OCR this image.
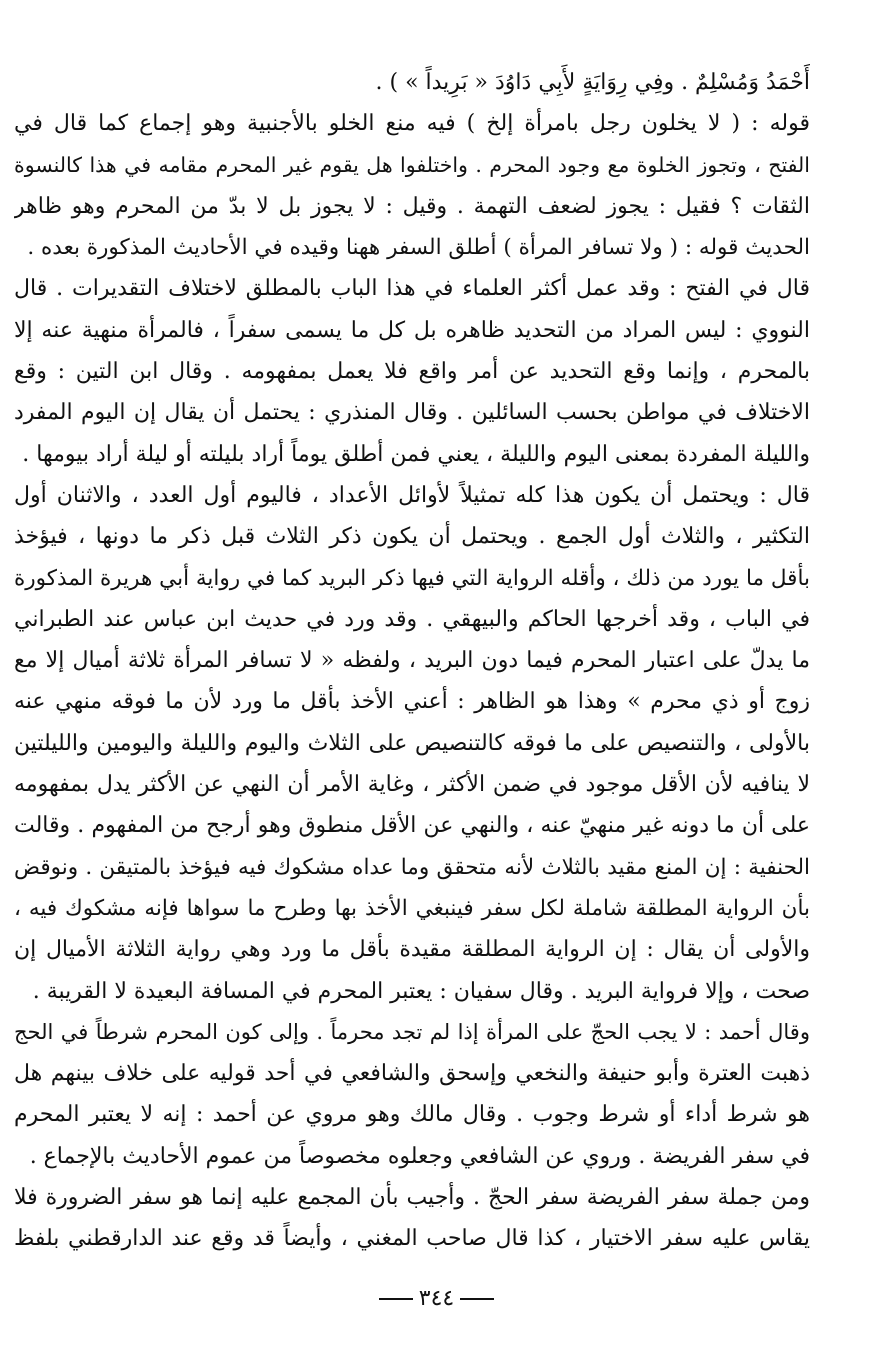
أَحْمَدُ وَمُسْلِمٌ . وفِي رِوَايَةٍ لأَبِي دَاوُدَ « بَرِيداً » ) .
قوله : ( لا يخلون رجل بامرأة إلخ ) فيه منع الخلو بالأجنبية وهو إجماع كما قال في
الفتح ، وتجوز الخلوة مع وجود المحرم . واختلفوا هل يقوم غير المحرم مقامه في هذا كالنسوة
الثقات ؟ فقيل : يجوز لضعف التهمة . وقيل : لا يجوز بل لا بدّ من المحرم وهو ظاهر
الحديث قوله : ( ولا تسافر المرأة ) أطلق السفر ههنا وقيده في الأحاديث المذكورة بعده .
قال في الفتح : وقد عمل أكثر العلماء في هذا الباب بالمطلق لاختلاف التقديرات . قال
النووي : ليس المراد من التحديد ظاهره بل كل ما يسمى سفراً ، فالمرأة منهية عنه إلا
بالمحرم ، وإنما وقع التحديد عن أمر واقع فلا يعمل بمفهومه . وقال ابن التين : وقع
الاختلاف في مواطن بحسب السائلين . وقال المنذري : يحتمل أن يقال إن اليوم المفرد
والليلة المفردة بمعنى اليوم والليلة ، يعني فمن أطلق يوماً أراد بليلته أو ليلة أراد بيومها .
قال : ويحتمل أن يكون هذا كله تمثيلاً لأوائل الأعداد ، فاليوم أول العدد ، والاثنان أول
التكثير ، والثلاث أول الجمع . ويحتمل أن يكون ذكر الثلاث قبل ذكر ما دونها ، فيؤخذ
بأقل ما يورد من ذلك ، وأقله الرواية التي فيها ذكر البريد كما في رواية أبي هريرة المذكورة
في الباب ، وقد أخرجها الحاكم والبيهقي . وقد ورد في حديث ابن عباس عند الطبراني
ما يدلّ على اعتبار المحرم فيما دون البريد ، ولفظه « لا تسافر المرأة ثلاثة أميال إلا مع
زوج أو ذي محرم » وهذا هو الظاهر : أعني الأخذ بأقل ما ورد لأن ما فوقه منهي عنه
بالأولى ، والتنصيص على ما فوقه كالتنصيص على الثلاث واليوم والليلة واليومين والليلتين
لا ينافيه لأن الأقل موجود في ضمن الأكثر ، وغاية الأمر أن النهي عن الأكثر يدل بمفهومه
على أن ما دونه غير منهيّ عنه ، والنهي عن الأقل منطوق وهو أرجح من المفهوم . وقالت
الحنفية : إن المنع مقيد بالثلاث لأنه متحقق وما عداه مشكوك فيه فيؤخذ بالمتيقن . ونوقض
بأن الرواية المطلقة شاملة لكل سفر فينبغي الأخذ بها وطرح ما سواها فإنه مشكوك فيه ،
والأولى أن يقال : إن الرواية المطلقة مقيدة بأقل ما ورد وهي رواية الثلاثة الأميال إن
صحت ، وإلا فرواية البريد . وقال سفيان : يعتبر المحرم في المسافة البعيدة لا القريبة .
وقال أحمد : لا يجب الحجّ على المرأة إذا لم تجد محرماً . وإلى كون المحرم شرطاً في الحج
ذهبت العترة وأبو حنيفة والنخعي وإسحق والشافعي في أحد قوليه على خلاف بينهم هل
هو شرط أداء أو شرط وجوب . وقال مالك وهو مروي عن أحمد : إنه لا يعتبر المحرم
في سفر الفريضة . وروي عن الشافعي وجعلوه مخصوصاً من عموم الأحاديث بالإجماع .
ومن جملة سفر الفريضة سفر الحجّ . وأجيب بأن المجمع عليه إنما هو سفر الضرورة فلا
يقاس عليه سفر الاختيار ، كذا قال صاحب المغني ، وأيضاً قد وقع عند الدارقطني بلفظ
٣٤٤
